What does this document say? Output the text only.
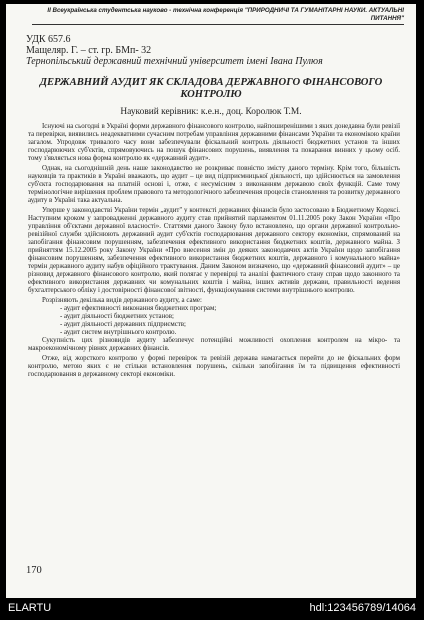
II Всеукраїнська студентська науково - технічна конференція "ПРИРОДНИЧІ ТА ГУМАНІТАРНІ НАУКИ. АКТУАЛЬНІ ПИТАННЯ"
УДК 657.6
Мащеляр. Г. – ст. гр. БМп- 32
Тернопільський державний технічний університет імені Івана Пулюя
ДЕРЖАВНИЙ АУДИТ ЯК СКЛАДОВА ДЕРЖАВНОГО ФІНАНСОВОГО КОНТРОЛЮ
Науковий керівник: к.е.н., доц. Королюк Т.М.

Існуючі на сьогодні в Україні форми державного фінансового контролю, найпоширенішими з яких донедавна були ревізії та перевірки, виявились неадекватними сучасним потребам управління державними фінансами України та економікою країни загалом. Упродовж тривалого часу вони забезпечували фіскальний контроль діяльності бюджетних установ та інших господарюючих суб'єктів, спрямовуючись на пошук фінансових порушень, виявлення та покарання винних у цьому осіб. тому з'являється нова форма контролю як «державний аудит».

Однак, на сьогоднішній день наше законодавство не розкриває повністю змісту даного терміну. Крім того, більшість науковців та практиків в Україні вважають, що аудит – це вид підприємницької діяльності, що здійснюється на замовлення суб'єкта господарювання на платній основі і, отже, є несумісним з виконанням державою своїх функцій. Саме тому термінологічне вирішення проблем правового та методологічного забезпечення процесів становлення та розвитку державного аудиту в Україні така актуальна.

Уперше у законодавстві України термін „аудит" у контексті державних фінансів було застосовано в Бюджетному Кодексі. Наступним кроком у запровадженні державного аудиту став прийнятий парламентом 01.11.2005 року Закон України «Про управління об'єктами державної власності». Статтями даного Закону було встановлено, що органи державної контрольно-ревізійної служби здійснюють державний аудит суб'єктів господарювання державного сектору економіки, спрямований на запобігання фінансовим порушенням, забезпечення ефективного використання бюджетних коштів, державного майна. З прийняттям 15.12.2005 року Закону України «Про внесення змін до деяких законодавчих актів України щодо запобігання фінансовим порушенням, забезпечення ефективного використання бюджетних коштів, державного і комунального майна» термін державного аудиту набув офіційного трактування. Даним Законом визначено, що «державний фінансовий аудит» – це різновид державного фінансового контролю, який полягає у перевірці та аналізі фактичного стану справ щодо законного та ефективного використання державних чи комунальних коштів і майна, інших активів держави, правильності ведення бухгалтерського обліку і достовірності фінансової звітності, функціонування системи внутрішнього контролю.

Розрізняють декілька видів державного аудиту, а саме:

- аудит ефективності виконання бюджетних програм;
- аудит діяльності бюджетних установ;
- аудит діяльності державних підприємств;
- аудит систем внутрішнього контролю.

Сукупність цих різновидів аудиту забезпечує потенційні можливості охоплення контролем на мікро- та макроекономічному рівнях державних фінансів.

Отже, від жорсткого контролю у формі перевірок та ревізій держава намагається перейти до не фіскальних форм контролю, метою яких є не стільки встановлення порушень, скільки запобігання їм та підвищення ефективності господарювання в державному секторі економіки.

170
ELARTU	hdl:123456789/14064
